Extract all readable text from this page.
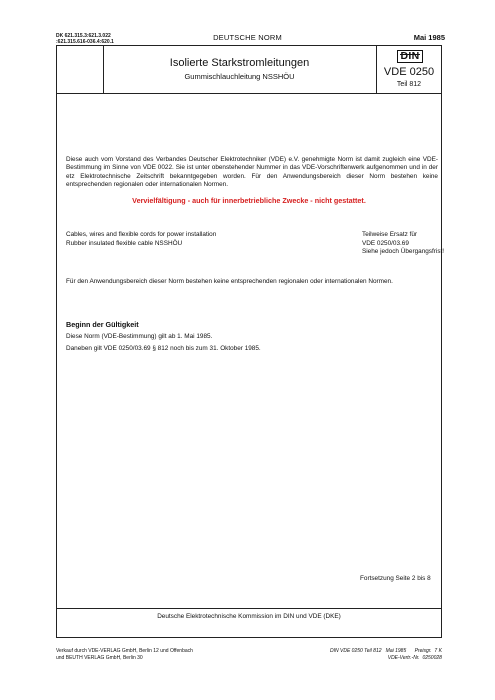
DK 621.315.3:621.3.022
:621.315.616-036.4:620.1	DEUTSCHE NORM	Mai 1985
Isolierte Starkstromleitungen
Gummischlauchleitung NSSHÖU
DIN
VDE 0250
Teil 812
Diese auch vom Vorstand des Verbandes Deutscher Elektrotechniker (VDE) e.V. genehmigte Norm ist damit zugleich eine VDE-Bestimmung im Sinne von VDE 0022. Sie ist unter obenstehender Nummer in das VDE-Vorschriftenwerk aufgenommen und in der etz Elektrotechnische Zeitschrift bekanntgegeben worden. Für den Anwendungsbereich dieser Norm bestehen keine entsprechenden regionalen oder internationalen Normen.
Vervielfältigung - auch für innerbetriebliche Zwecke - nicht gestattet.
Cables, wires and flexible cords for power installation
Rubber insulated flexible cable NSSHÖU
Teilweise Ersatz für
VDE 0250/03.69
Siehe jedoch Übergangsfrist!
Für den Anwendungsbereich dieser Norm bestehen keine entsprechenden regionalen oder internationalen Normen.
Beginn der Gültigkeit
Diese Norm (VDE-Bestimmung) gilt ab 1. Mai 1985.
Daneben gilt VDE 0250/03.69 § 812 noch bis zum 31. Oktober 1985.
Fortsetzung Seite 2 bis 8
Deutsche Elektrotechnische Kommission im DIN und VDE (DKE)
Verkauf durch VDE-VERLAG GmbH, Berlin 12 und Offenbach
und BEUTH VERLAG GmbH, Berlin 30
DIN VDE 0250 Teil 812   Mai 1985      Preisgr.  7 K
VDE-Vertr.-Nr.  0250028
